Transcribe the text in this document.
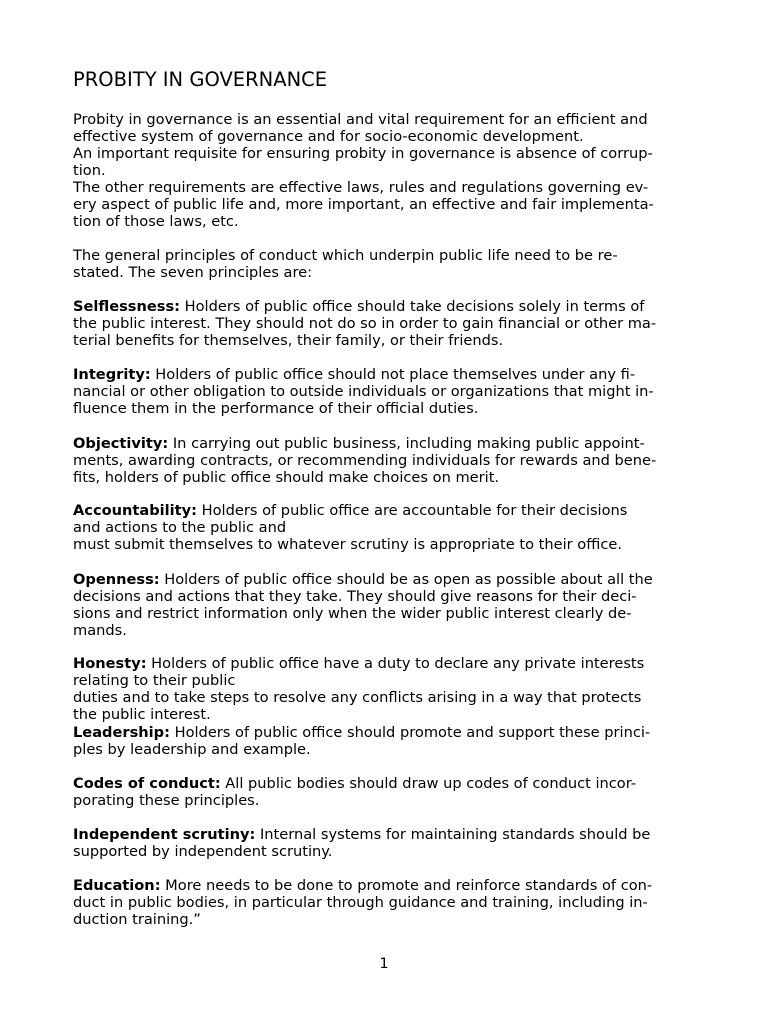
PROBITY IN GOVERNANCE

Probity in governance is an essential and vital requirement for an efficient and

effective system of governance and for socio-economic development.

An important requisite for ensuring probity in governance is absence of corrup-

tion.

The other requirements are effective laws, rules and regulations governing ev-

ery aspect of public life and, more important, an effective and fair implementa-

tion of those laws, etc.

The general principles of conduct which underpin public life need to be re-

stated. The seven principles are:

Selflessness: Holders of public office should take decisions solely in terms of

the public interest. They should not do so in order to gain financial or other ma-

terial benefits for themselves, their family, or their friends.

Integrity: Holders of public office should not place themselves under any fi-

nancial or other obligation to outside individuals or organizations that might in-

fluence them in the performance of their official duties.

Objectivity: In carrying out public business, including making public appoint-

ments, awarding contracts, or recommending individuals for rewards and bene-

fits, holders of public office should make choices on merit.

Accountability: Holders of public office are accountable for their decisions

and actions to the public and

must submit themselves to whatever scrutiny is appropriate to their office.

Openness: Holders of public office should be as open as possible about all the

decisions and actions that they take. They should give reasons for their deci-

sions and restrict information only when the wider public interest clearly de-

mands.

Honesty: Holders of public office have a duty to declare any private interests

relating to their public

duties and to take steps to resolve any conflicts arising in a way that protects

the public interest.

Leadership: Holders of public office should promote and support these princi-

ples by leadership and example.

Codes of conduct: All public bodies should draw up codes of conduct incor-

porating these principles.

Independent scrutiny: Internal systems for maintaining standards should be

supported by independent scrutiny.

Education: More needs to be done to promote and reinforce standards of con-

duct in public bodies, in particular through guidance and training, including in-

duction training.”

1
